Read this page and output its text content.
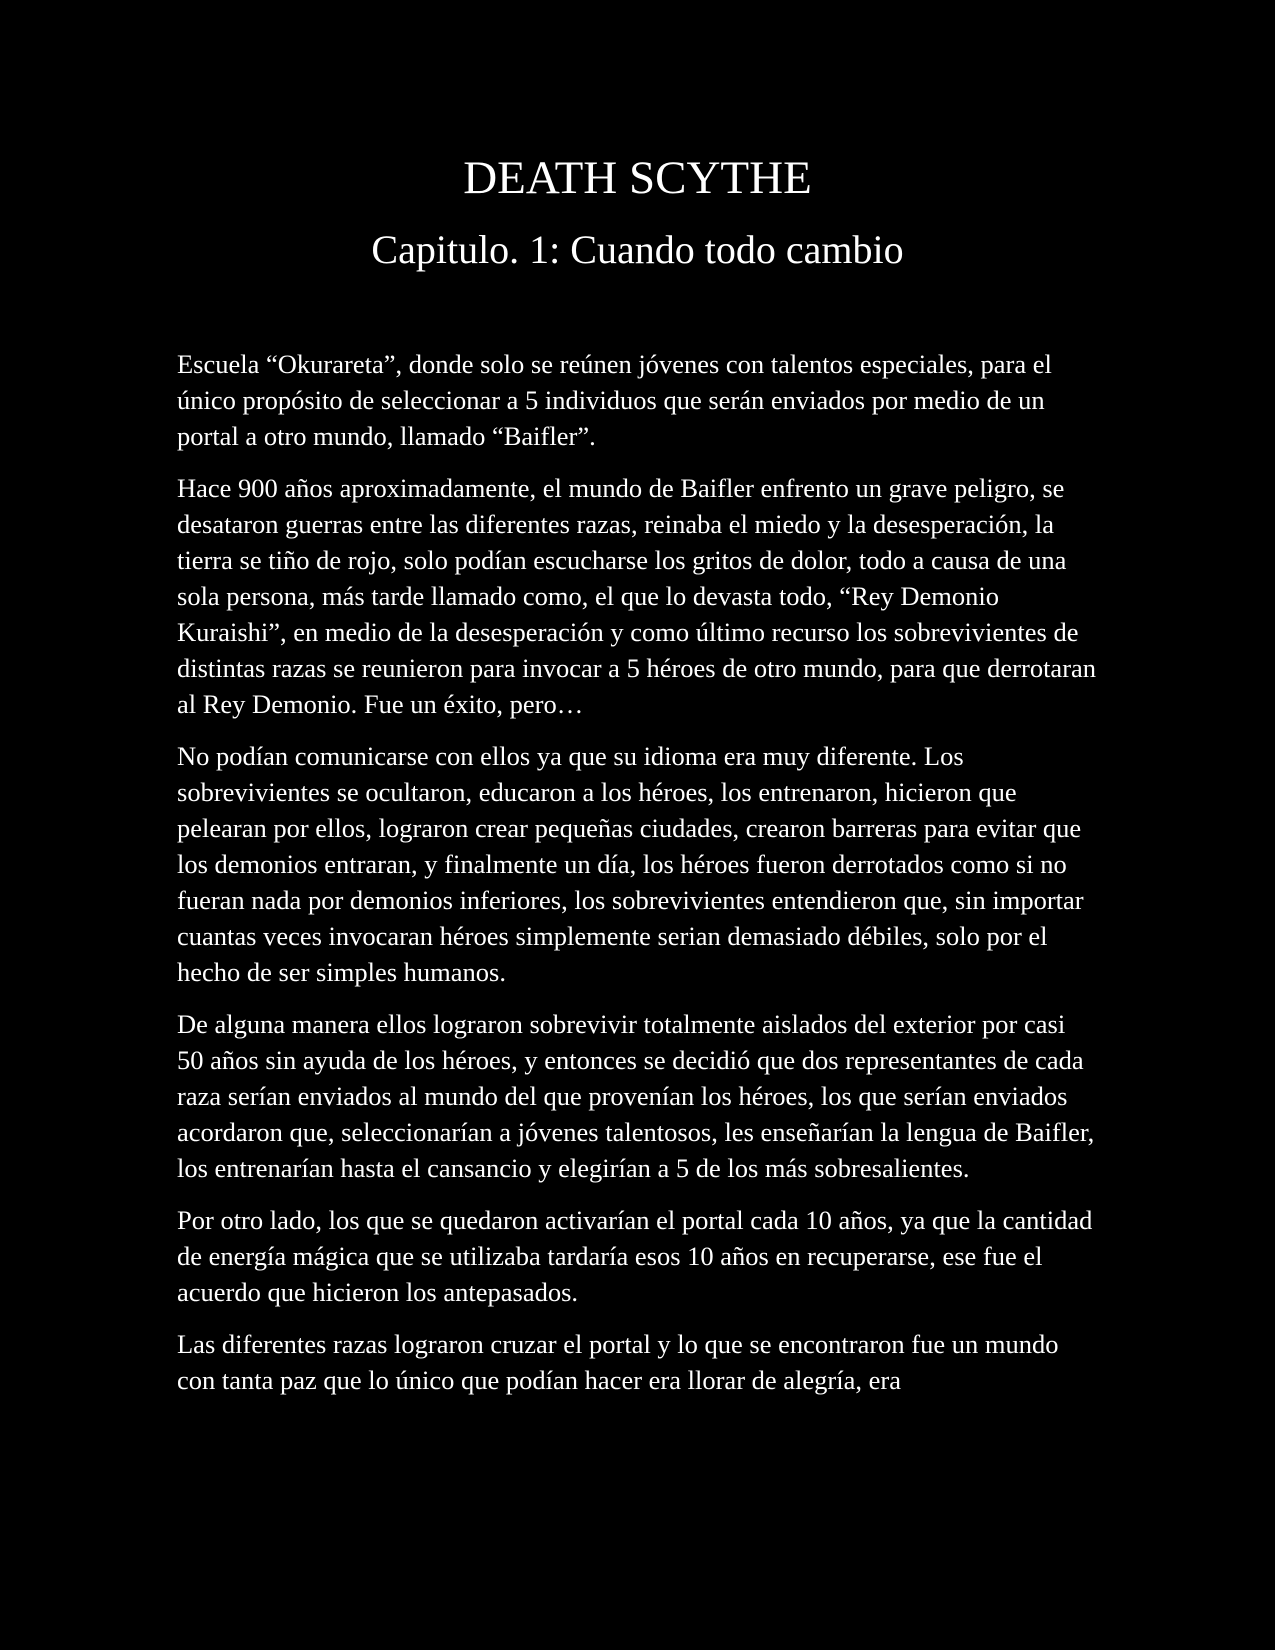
DEATH SCYTHE
Capitulo. 1: Cuando todo cambio

Escuela “Okurareta”, donde solo se reúnen jóvenes con talentos especiales, para el único propósito de seleccionar a 5 individuos que serán enviados por medio de un portal a otro mundo, llamado “Baifler”.

Hace 900 años aproximadamente, el mundo de Baifler enfrento un grave peligro, se desataron guerras entre las diferentes razas, reinaba el miedo y la desesperación, la tierra se tiño de rojo, solo podían escucharse los gritos de dolor, todo a causa de una sola persona, más tarde llamado como, el que lo devasta todo, “Rey Demonio Kuraishi”, en medio de la desesperación y como último recurso los sobrevivientes de distintas razas se reunieron para invocar a 5 héroes de otro mundo, para que derrotaran al Rey Demonio. Fue un éxito, pero…

No podían comunicarse con ellos ya que su idioma era muy diferente. Los sobrevivientes se ocultaron, educaron a los héroes, los entrenaron, hicieron que pelearan por ellos, lograron crear pequeñas ciudades, crearon barreras para evitar que los demonios entraran, y finalmente un día, los héroes fueron derrotados como si no fueran nada por demonios inferiores, los sobrevivientes entendieron que, sin importar cuantas veces invocaran héroes simplemente serian demasiado débiles, solo por el hecho de ser simples humanos.

De alguna manera ellos lograron sobrevivir totalmente aislados del exterior por casi 50 años sin ayuda de los héroes, y entonces se decidió que dos representantes de cada raza serían enviados al mundo del que provenían los héroes, los que serían enviados acordaron que, seleccionarían a jóvenes talentosos, les enseñarían la lengua de Baifler, los entrenarían hasta el cansancio y elegirían a 5 de los más sobresalientes.

Por otro lado, los que se quedaron activarían el portal cada 10 años, ya que la cantidad de energía mágica que se utilizaba tardaría esos 10 años en recuperarse, ese fue el acuerdo que hicieron los antepasados.

Las diferentes razas lograron cruzar el portal y lo que se encontraron fue un mundo con tanta paz que lo único que podían hacer era llorar de alegría, era
